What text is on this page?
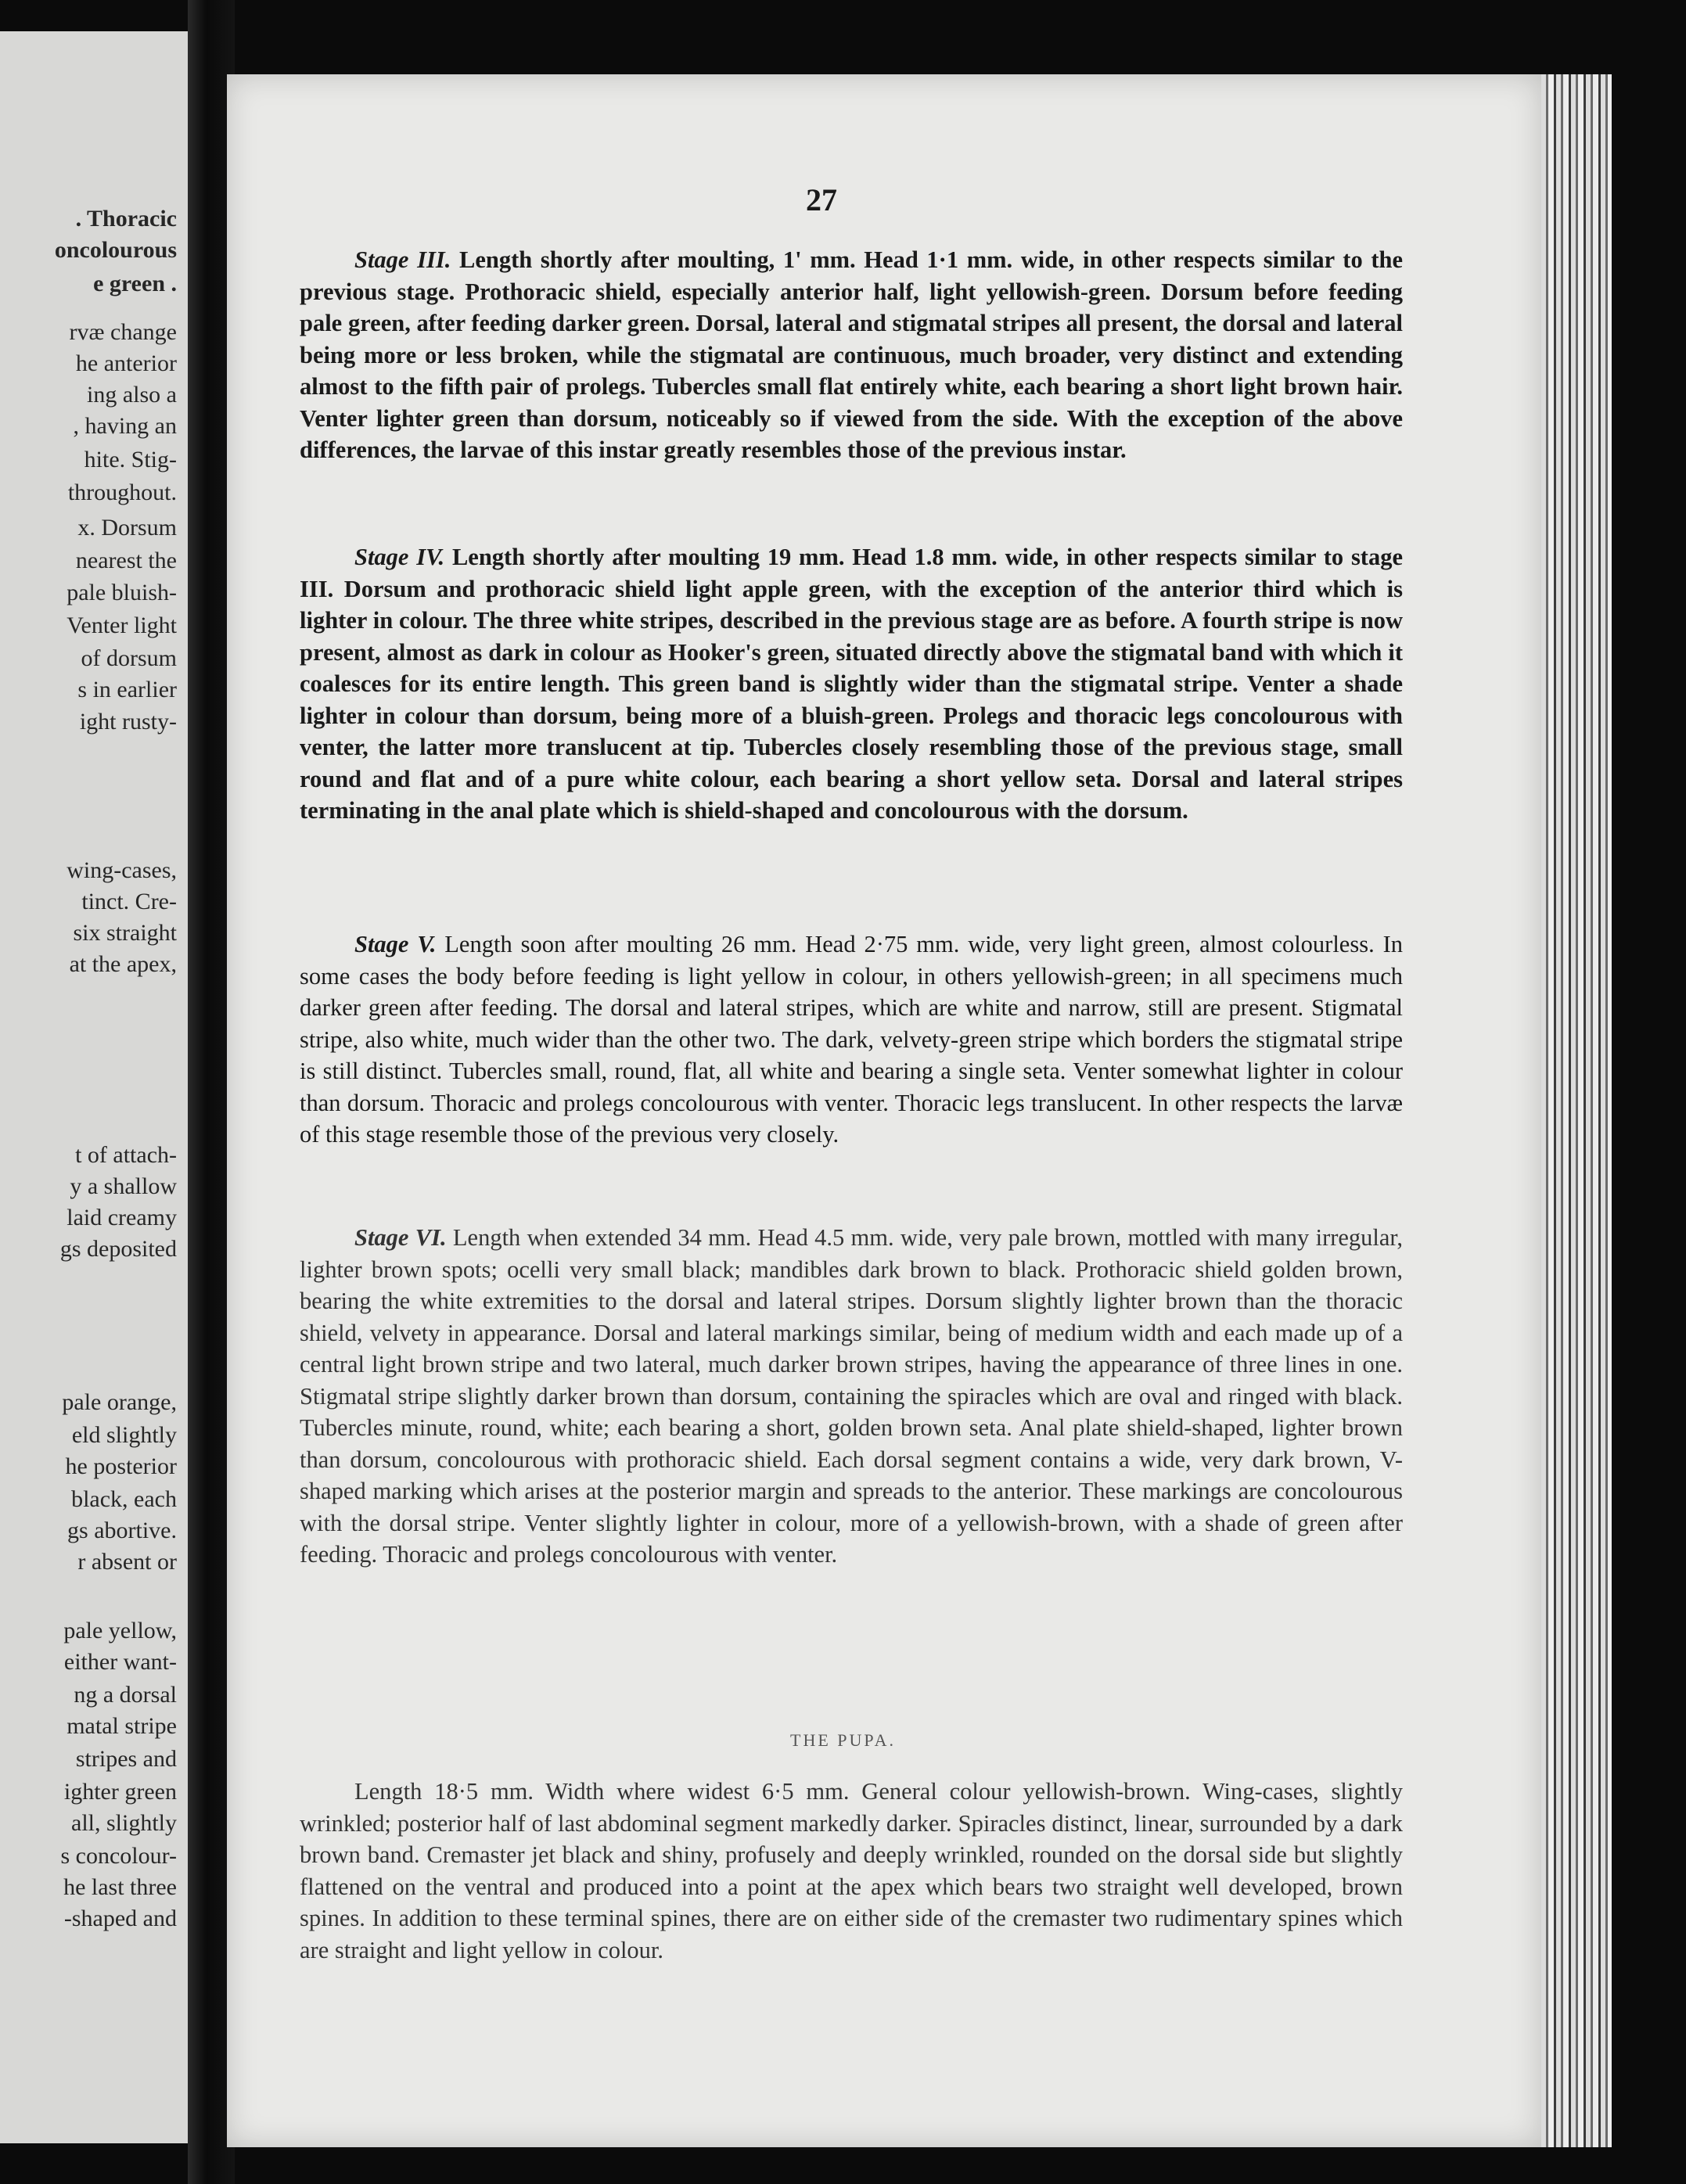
. Thoracic
oncolourous
e green .
rvæ change
he anterior
ing also a
, having an
hite. Stig-
throughout.
x. Dorsum
nearest the
pale bluish-
Venter light
of dorsum
s in earlier
ight rusty-
wing-cases,
tinct. Cre-
six straight
at the apex,
t of attach-
y a shallow
laid creamy
gs deposited
pale orange,
eld slightly
he posterior
black, each
gs abortive.
r absent or
pale yellow,
either want-
ng a dorsal
matal stripe
stripes and
ighter green
all, slightly
s concolour-
he last three
-shaped and
27

Stage III. Length shortly after moulting, 1' mm. Head 1·1 mm. wide, in other respects similar to the previous stage. Prothoracic shield, especially anterior half, light yellowish-green. Dorsum before feeding pale green, after feeding darker green. Dorsal, lateral and stigmatal stripes all present, the dorsal and lateral being more or less broken, while the stigmatal are continuous, much broader, very distinct and extending almost to the fifth pair of prolegs. Tubercles small flat entirely white, each bearing a short light brown hair. Venter lighter green than dorsum, noticeably so if viewed from the side. With the exception of the above differences, the larvae of this instar greatly resembles those of the previous instar.

Stage IV. Length shortly after moulting 19 mm. Head 1.8 mm. wide, in other respects similar to stage III. Dorsum and prothoracic shield light apple green, with the exception of the anterior third which is lighter in colour. The three white stripes, described in the previous stage are as before. A fourth stripe is now present, almost as dark in colour as Hooker's green, situated directly above the stigmatal band with which it coalesces for its entire length. This green band is slightly wider than the stigmatal stripe. Venter a shade lighter in colour than dorsum, being more of a bluish-green. Prolegs and thoracic legs concolourous with venter, the latter more translucent at tip. Tubercles closely resembling those of the previous stage, small round and flat and of a pure white colour, each bearing a short yellow seta. Dorsal and lateral stripes terminating in the anal plate which is shield-shaped and concolourous with the dorsum.

Stage V. Length soon after moulting 26 mm. Head 2·75 mm. wide, very light green, almost colourless. In some cases the body before feeding is light yellow in colour, in others yellowish-green; in all specimens much darker green after feeding. The dorsal and lateral stripes, which are white and narrow, still are present. Stigmatal stripe, also white, much wider than the other two. The dark, velvety-green stripe which borders the stigmatal stripe is still distinct. Tubercles small, round, flat, all white and bearing a single seta. Venter somewhat lighter in colour than dorsum. Thoracic and prolegs concolourous with venter. Thoracic legs translucent. In other respects the larvæ of this stage resemble those of the previous very closely.

Stage VI. Length when extended 34 mm. Head 4.5 mm. wide, very pale brown, mottled with many irregular, lighter brown spots; ocelli very small black; mandibles dark brown to black. Prothoracic shield golden brown, bearing the white extremities to the dorsal and lateral stripes. Dorsum slightly lighter brown than the thoracic shield, velvety in appearance. Dorsal and lateral markings similar, being of medium width and each made up of a central light brown stripe and two lateral, much darker brown stripes, having the appearance of three lines in one. Stigmatal stripe slightly darker brown than dorsum, containing the spiracles which are oval and ringed with black. Tubercles minute, round, white; each bearing a short, golden brown seta. Anal plate shield-shaped, lighter brown than dorsum, concolourous with prothoracic shield. Each dorsal segment contains a wide, very dark brown, V-shaped marking which arises at the posterior margin and spreads to the anterior. These markings are concolourous with the dorsal stripe. Venter slightly lighter in colour, more of a yellowish-brown, with a shade of green after feeding. Thoracic and prolegs concolourous with venter.

THE PUPA.

Length 18·5 mm. Width where widest 6·5 mm. General colour yellowish-brown. Wing-cases, slightly wrinkled; posterior half of last abdominal segment markedly darker. Spiracles distinct, linear, surrounded by a dark brown band. Cremaster jet black and shiny, profusely and deeply wrinkled, rounded on the dorsal side but slightly flattened on the ventral and produced into a point at the apex which bears two straight well developed, brown spines. In addition to these terminal spines, there are on either side of the cremaster two rudimentary spines which are straight and light yellow in colour.
